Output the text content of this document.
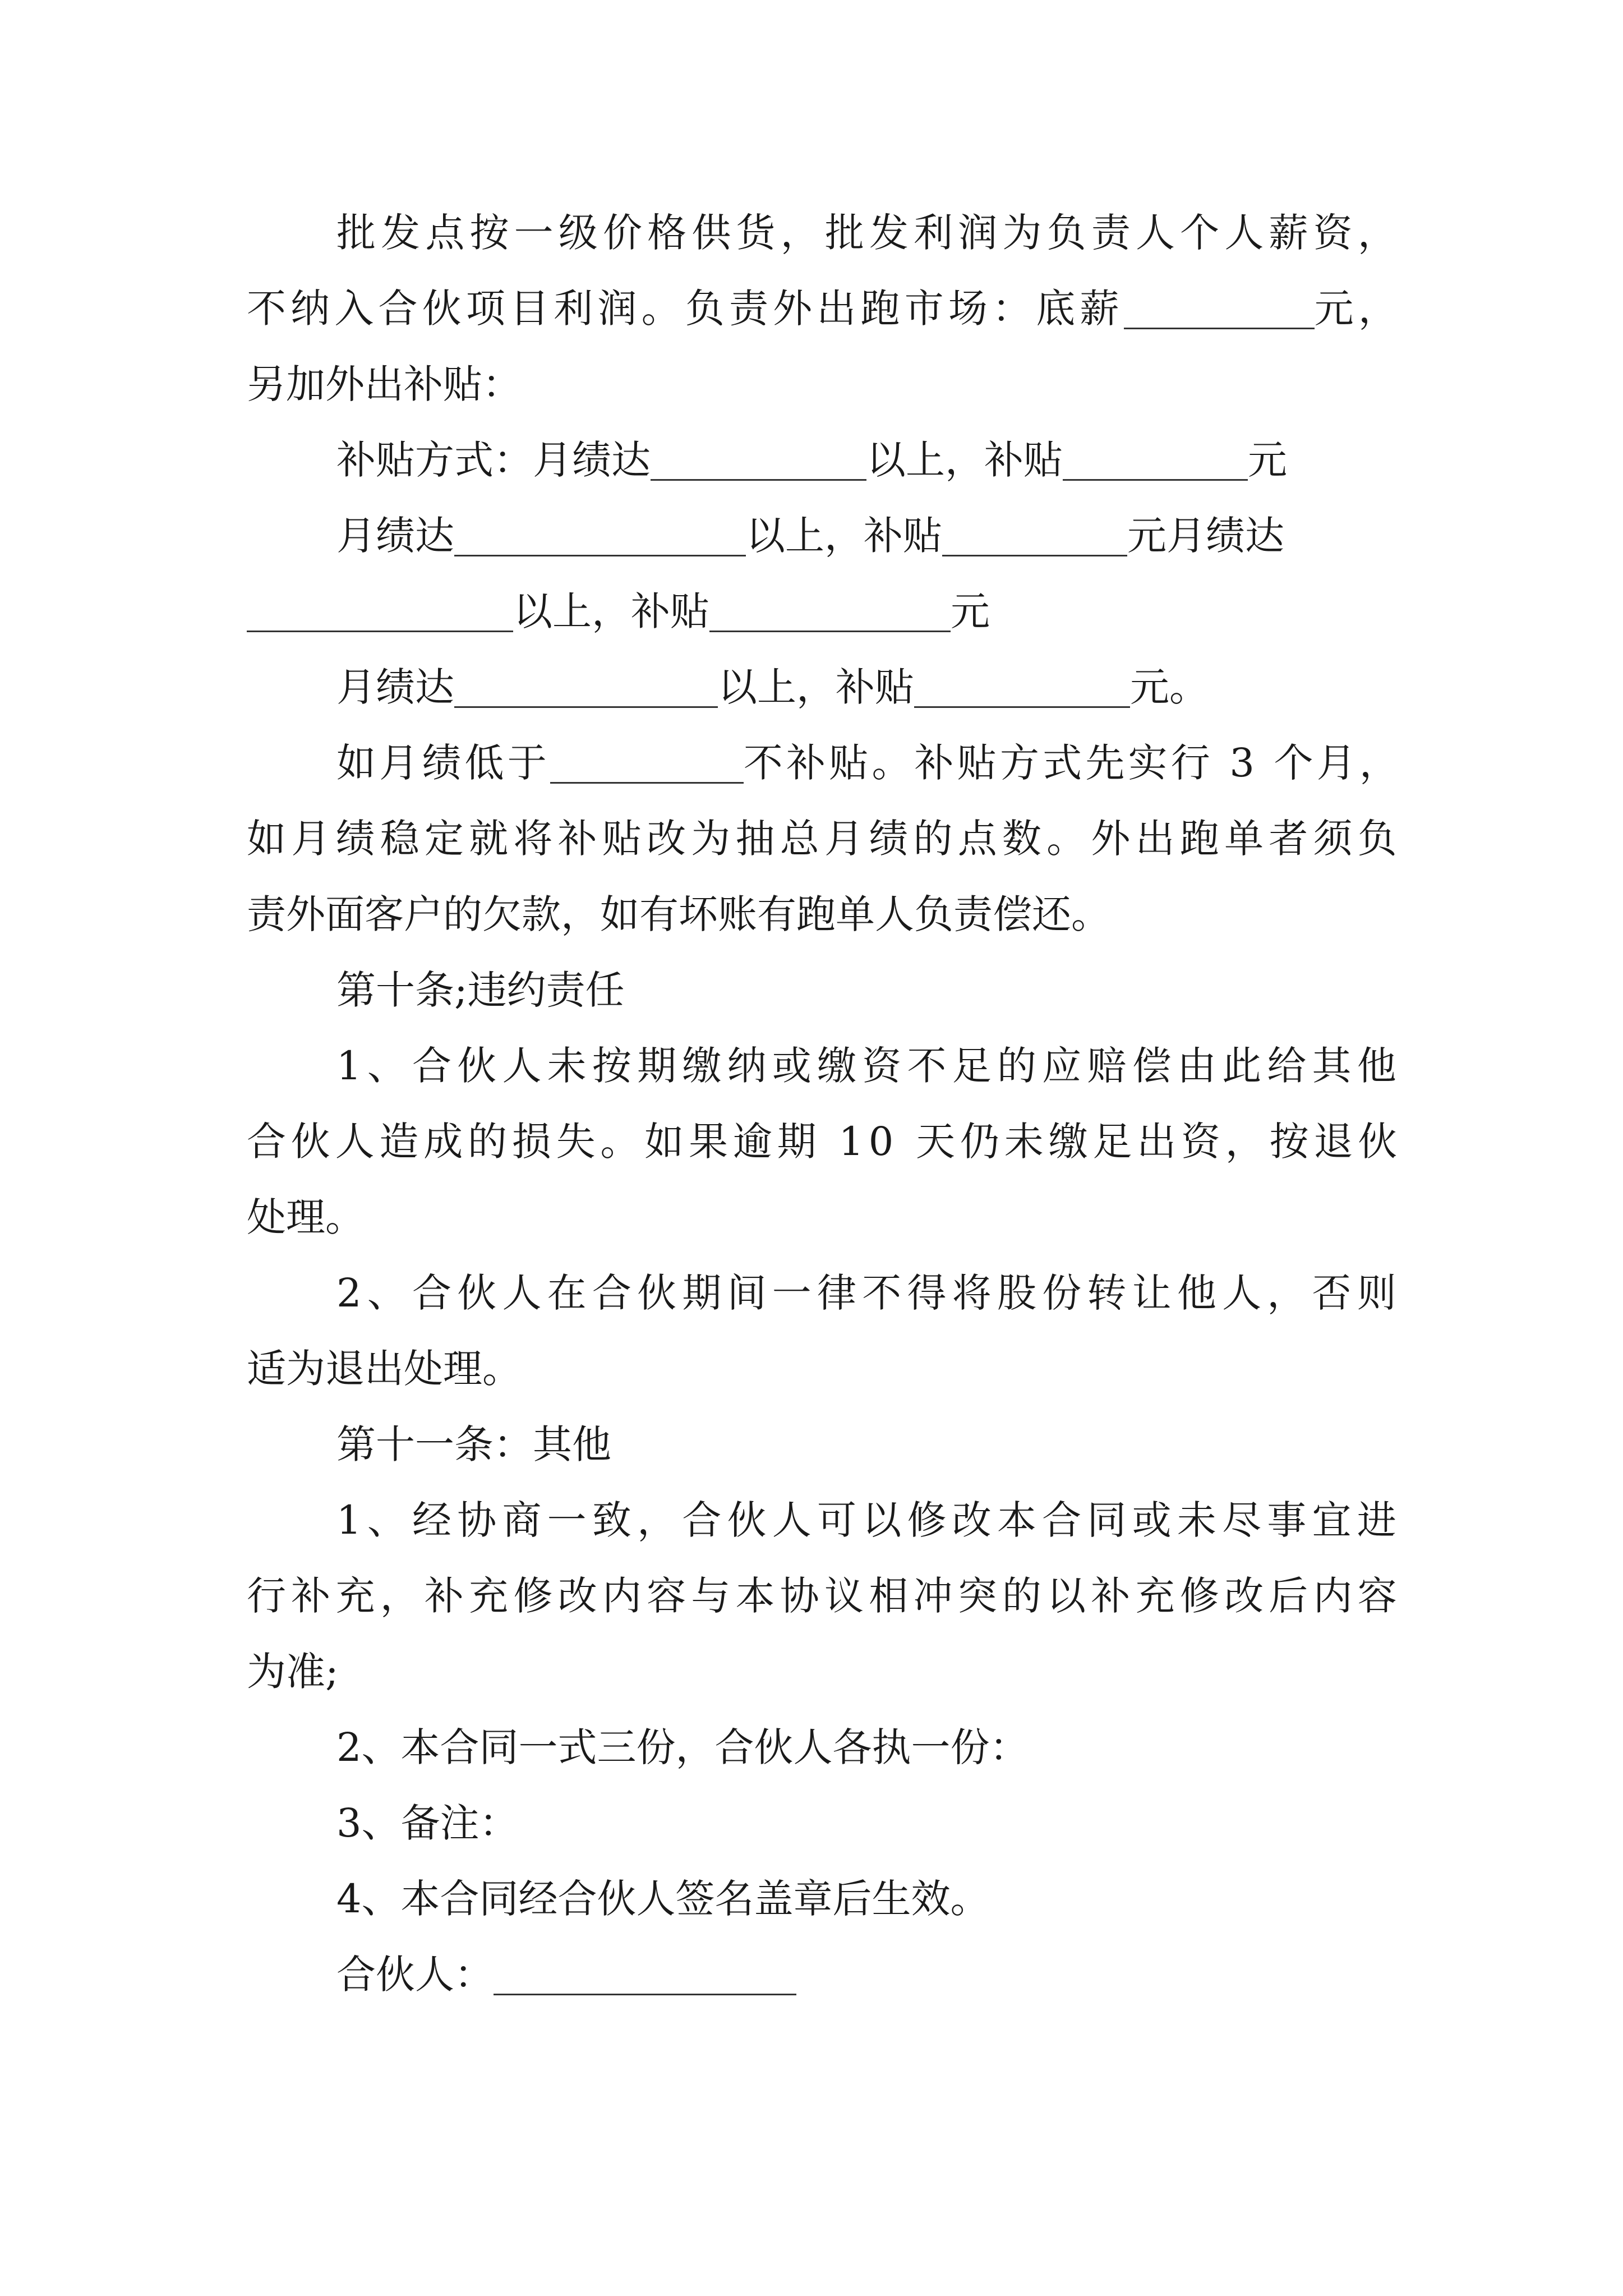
批发点按一级价格供货，批发利润为负责人个人薪资，
不纳入合伙项目利润。负责外出跑市场：底薪	元，
另加外出补贴：
补贴方式：月绩达	以上，补贴	元
月绩达	以上，补贴	元月绩达
以上，补贴	元
月绩达	以上，补贴	元。
如月绩低于	不补贴。补贴方式先实行 3 个月，
如月绩稳定就将补贴改为抽总月绩的点数。外出跑单者须负
责外面客户的欠款，如有坏账有跑单人负责偿还。
第十条;违约责任
1、合伙人未按期缴纳或缴资不足的应赔偿由此给其他
合伙人造成的损失。如果逾期 10 天仍未缴足出资，按退伙
处理。
2、合伙人在合伙期间一律不得将股份转让他人，否则
适为退出处理。
第十一条：其他
1、经协商一致，合伙人可以修改本合同或未尽事宜进
行补充，补充修改内容与本协议相冲突的以补充修改后内容
为准;
2、本合同一式三份，合伙人各执一份：
3、备注：
4、本合同经合伙人签名盖章后生效。
合伙人：
